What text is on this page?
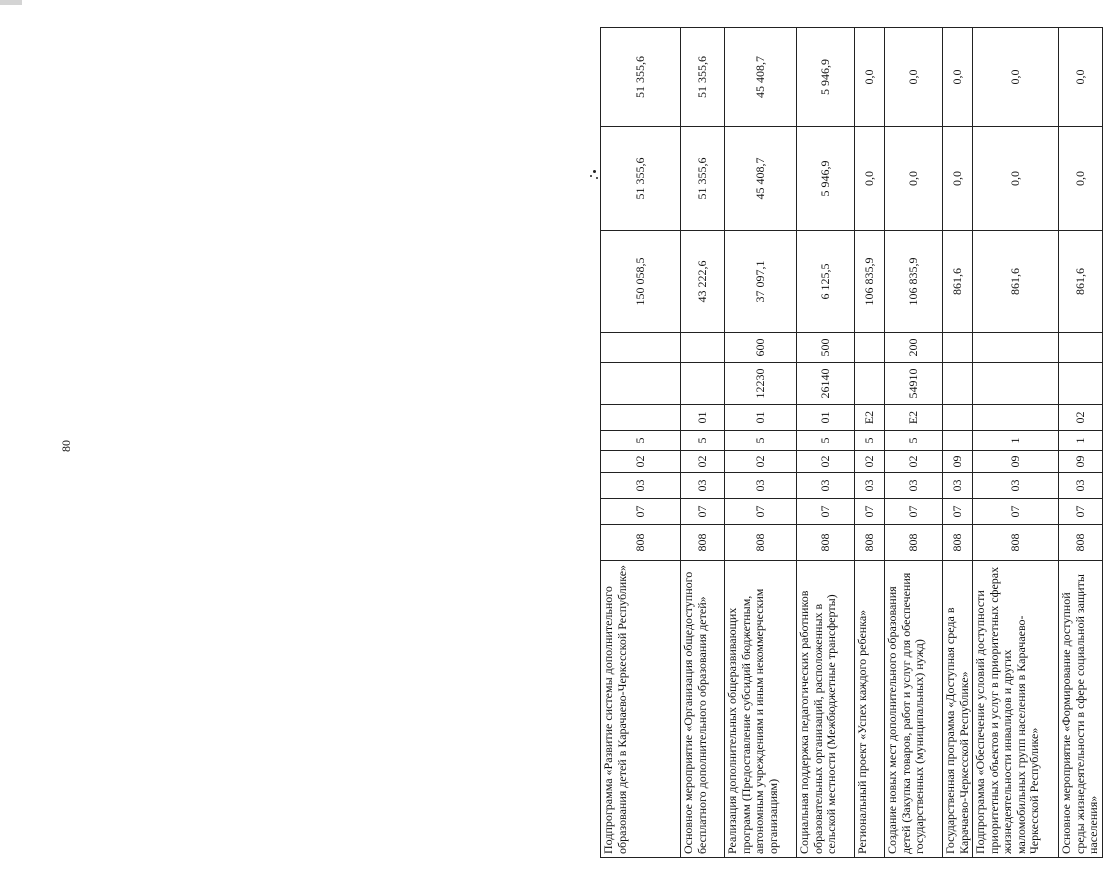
80
Подпрограмма «Развитие системы дополнительного образования детей в Карачаево-Черкесской Республике»	808	07	03	02	5				150 058,5	51 355,6	51 355,6
Основное мероприятие «Организация общедоступного бесплатного дополнительного образования детей»	808	07	03	02	5	01			43 222,6	51 355,6	51 355,6
Реализация дополнительных общеразвивающих программ (Предоставление субсидий бюджетным, автономным учреждениям и иным некоммерческим организациям)	808	07	03	02	5	01	12230	600	37 097,1	45 408,7	45 408,7
Социальная поддержка педагогических работников образовательных организаций, расположенных в сельской местности (Межбюджетные трансферты)	808	07	03	02	5	01	26140	500	6 125,5	5 946,9	5 946,9
Региональный проект «Успех каждого ребенка»	808	07	03	02	5	E2			106 835,9	0,0	0,0
Создание новых мест дополнительного образования детей (Закупка товаров, работ и услуг для обеспечения государственных (муниципальных) нужд)	808	07	03	02	5	E2	54910	200	106 835,9	0,0	0,0
Государственная программа «Доступная среда в Карачаево-Черкесской Республике»	808	07	03	09					861,6	0,0	0,0
Подпрограмма «Обеспечение условий доступности приоритетных объектов и услуг в приоритетных сферах жизнедеятельности инвалидов и других маломобильных групп населения в Карачаево-Черкесской Республике»	808	07	03	09	1				861,6	0,0	0,0
Основное мероприятие «Формирование доступной среды жизнедеятельности в сфере социальной защиты населения»	808	07	03	09	1	02			861,6	0,0	0,0
